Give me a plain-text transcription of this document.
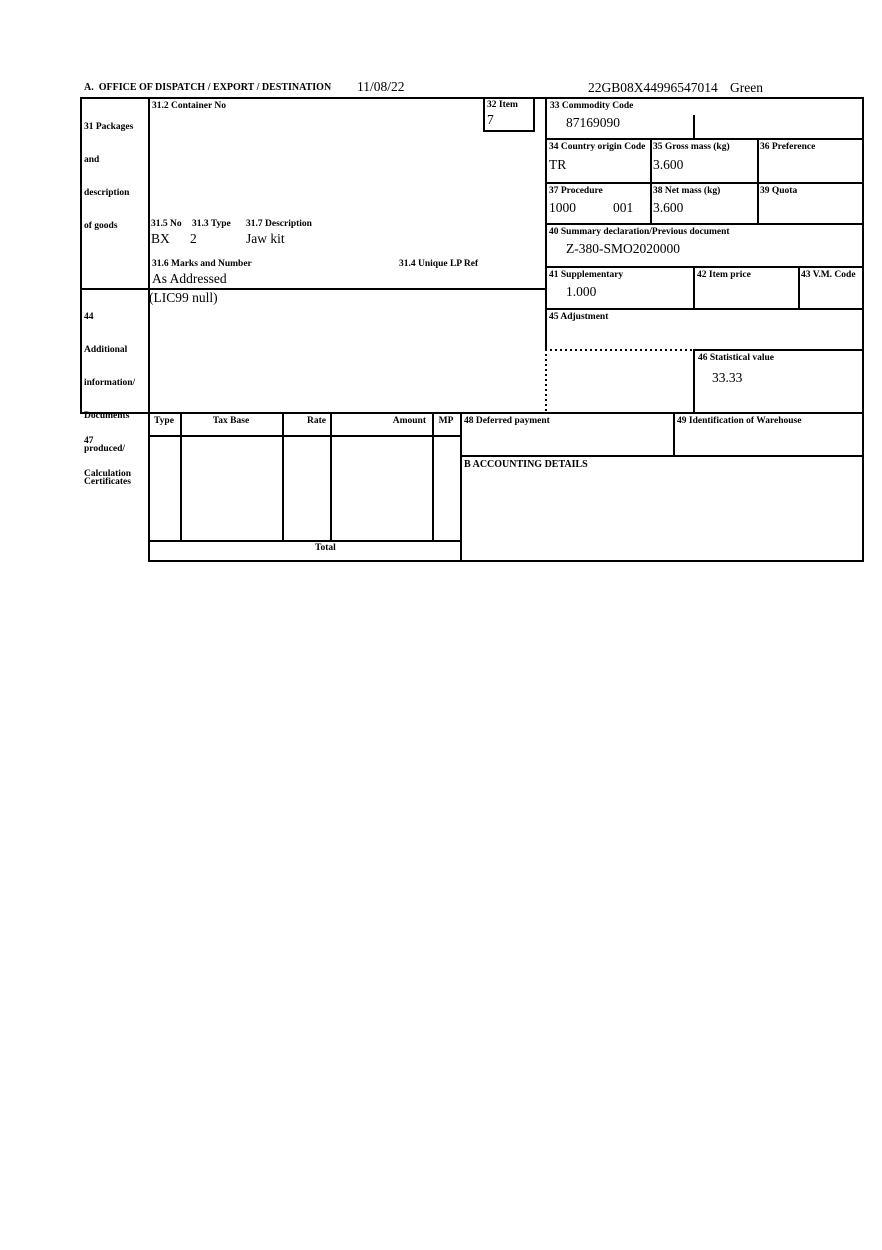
A.  OFFICE OF DISPATCH / EXPORT / DESTINATION 11/08/22	22GB08X44996547014 Green

31 Packages

and

description

of goods

31.2 Container No
31.5 No 31.3 Type 31.7 Description
BX 2	Jaw kit
31.6 Marks and Number	31.4 Unique LP Ref
As Addressed
32 Item
7
33 Commodity Code
87169090
34 Country origin Code
TR
35 Gross mass (kg)
3.600
36 Preference
37 Procedure
1000	001
38 Net mass (kg)
3.600
39 Quota
40 Summary declaration/Previous document
Z-380-SMO2020000
41 Supplementary
1.000
42 Item price	43 V.M. Code
45 Adjustment
46 Statistical value
33.33

44

Additional

information/

Documents

produced/

Certificates

(LIC99 null)

47

Calculation

Type	Tax Base	Rate	Amount	MP
Total
48 Deferred payment	49 Identification of Warehouse
B ACCOUNTING DETAILS
